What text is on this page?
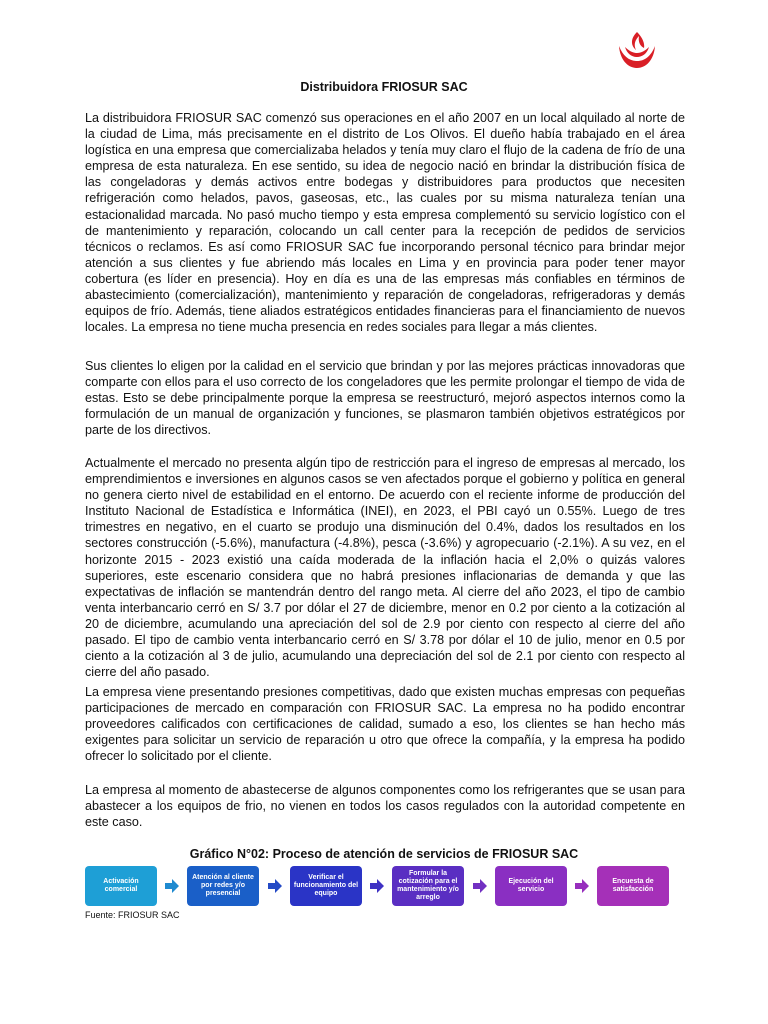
Distribuidora FRIOSUR SAC

La distribuidora FRIOSUR SAC comenzó sus operaciones en el año 2007 en un local alquilado al norte de la ciudad de Lima, más precisamente en el distrito de Los Olivos. El dueño había trabajado en el área logística en una empresa que comercializaba helados y tenía muy claro el flujo de la cadena de frío de una empresa de esta naturaleza. En ese sentido, su idea de negocio nació en brindar la distribución física de las congeladoras y demás activos entre bodegas y distribuidores para productos que necesiten refrigeración como helados, pavos, gaseosas, etc., las cuales por su misma naturaleza tenían una estacionalidad marcada. No pasó mucho tiempo y esta empresa complementó su servicio logístico con el de mantenimiento y reparación, colocando un call center para la recepción de pedidos de servicios técnicos o reclamos. Es así como FRIOSUR SAC fue incorporando personal técnico para brindar mejor atención a sus clientes y fue abriendo más locales en Lima y en provincia para poder tener mayor cobertura (es líder en presencia). Hoy en día es una de las empresas más confiables en términos de abastecimiento (comercialización), mantenimiento y reparación de congeladoras, refrigeradoras y demás equipos de frío. Además, tiene aliados estratégicos entidades financieras para el financiamiento de nuevos locales. La empresa no tiene mucha presencia en redes sociales para llegar a más clientes.

Sus clientes lo eligen por la calidad en el servicio que brindan y por las mejores prácticas innovadoras que comparte con ellos para el uso correcto de los congeladores que les permite prolongar el tiempo de vida de estas. Esto se debe principalmente porque la empresa se reestructuró, mejoró aspectos internos como la formulación de un manual de organización y funciones, se plasmaron también objetivos estratégicos por parte de los directivos.

Actualmente el mercado no presenta algún tipo de restricción para el ingreso de empresas al mercado, los emprendimientos e inversiones en algunos casos se ven afectados porque el gobierno y política en general no genera cierto nivel de estabilidad en el entorno. De acuerdo con el reciente informe de producción del Instituto Nacional de Estadística e Informática (INEI), en 2023, el PBI cayó un 0.55%. Luego de tres trimestres en negativo, en el cuarto se produjo una disminución del 0.4%, dados los resultados en los sectores construcción (-5.6%), manufactura (-4.8%), pesca (-3.6%) y agropecuario (-2.1%). A su vez, en el horizonte 2015 - 2023 existió una caída moderada de la inflación hacia el 2,0% o quizás valores superiores, este escenario considera que no habrá presiones inflacionarias de demanda y que las expectativas de inflación se mantendrán dentro del rango meta. Al cierre del año 2023, el tipo de cambio venta interbancario cerró en S/ 3.7 por dólar el 27 de diciembre, menor en 0.2 por ciento a la cotización al 20 de diciembre, acumulando una apreciación del sol de 2.9 por ciento con respecto al cierre del año pasado. El tipo de cambio venta interbancario cerró en S/ 3.78 por dólar el 10 de julio, menor en 0.5 por ciento a la cotización al 3 de julio, acumulando una depreciación del sol de 2.1 por ciento con respecto al cierre del año pasado.

La empresa viene presentando presiones competitivas, dado que existen muchas empresas con pequeñas participaciones de mercado en comparación con FRIOSUR SAC. La empresa no ha podido encontrar proveedores calificados con certificaciones de calidad, sumado a eso, los clientes se han hecho más exigentes para solicitar un servicio de reparación u otro que ofrece la compañía, y la empresa ha podido ofrecer lo solicitado por el cliente.

La empresa al momento de abastecerse de algunos componentes como los refrigerantes que se usan para abastecer a los equipos de frio, no vienen en todos los casos regulados con la autoridad competente en este caso.

Gráfico N°02: Proceso de atención de servicios de FRIOSUR SAC
Activación comercial
Atención al cliente por redes y/o presencial
Verificar el funcionamiento del equipo
Formular la cotización para el mantenimiento y/o arreglo
Ejecución del servicio
Encuesta de satisfacción
Fuente: FRIOSUR SAC
